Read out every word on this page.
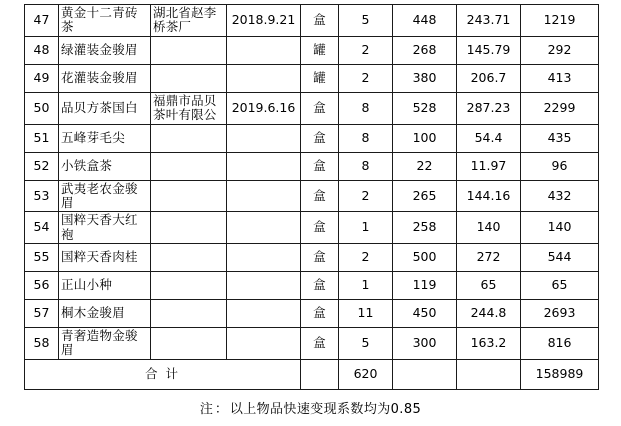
47	黄金十二青砖茶	湖北省赵李桥茶厂	2018.9.21	盒	5	448	243.71	1219
48	绿灌装金骏眉			罐	2	268	145.79	292
49	花灌装金骏眉			罐	2	380	206.7	413
50	品贝方茶国白	福鼎市品贝茶叶有限公	2019.6.16	盒	8	528	287.23	2299
51	五峰芽毛尖			盒	8	100	54.4	435
52	小铁盒茶			盒	8	22	11.97	96
53	武夷老农金骏眉			盒	2	265	144.16	432
54	国粹天香大红袍			盒	1	258	140	140
55	国粹天香肉桂			盒	2	500	272	544
56	正山小种			盒	1	119	65	65
57	桐木金骏眉			盒	11	450	244.8	2693
58	青奢造物金骏眉			盒	5	300	163.2	816
合 计					620			158989
注：以上物品快速变现系数均为0.85
